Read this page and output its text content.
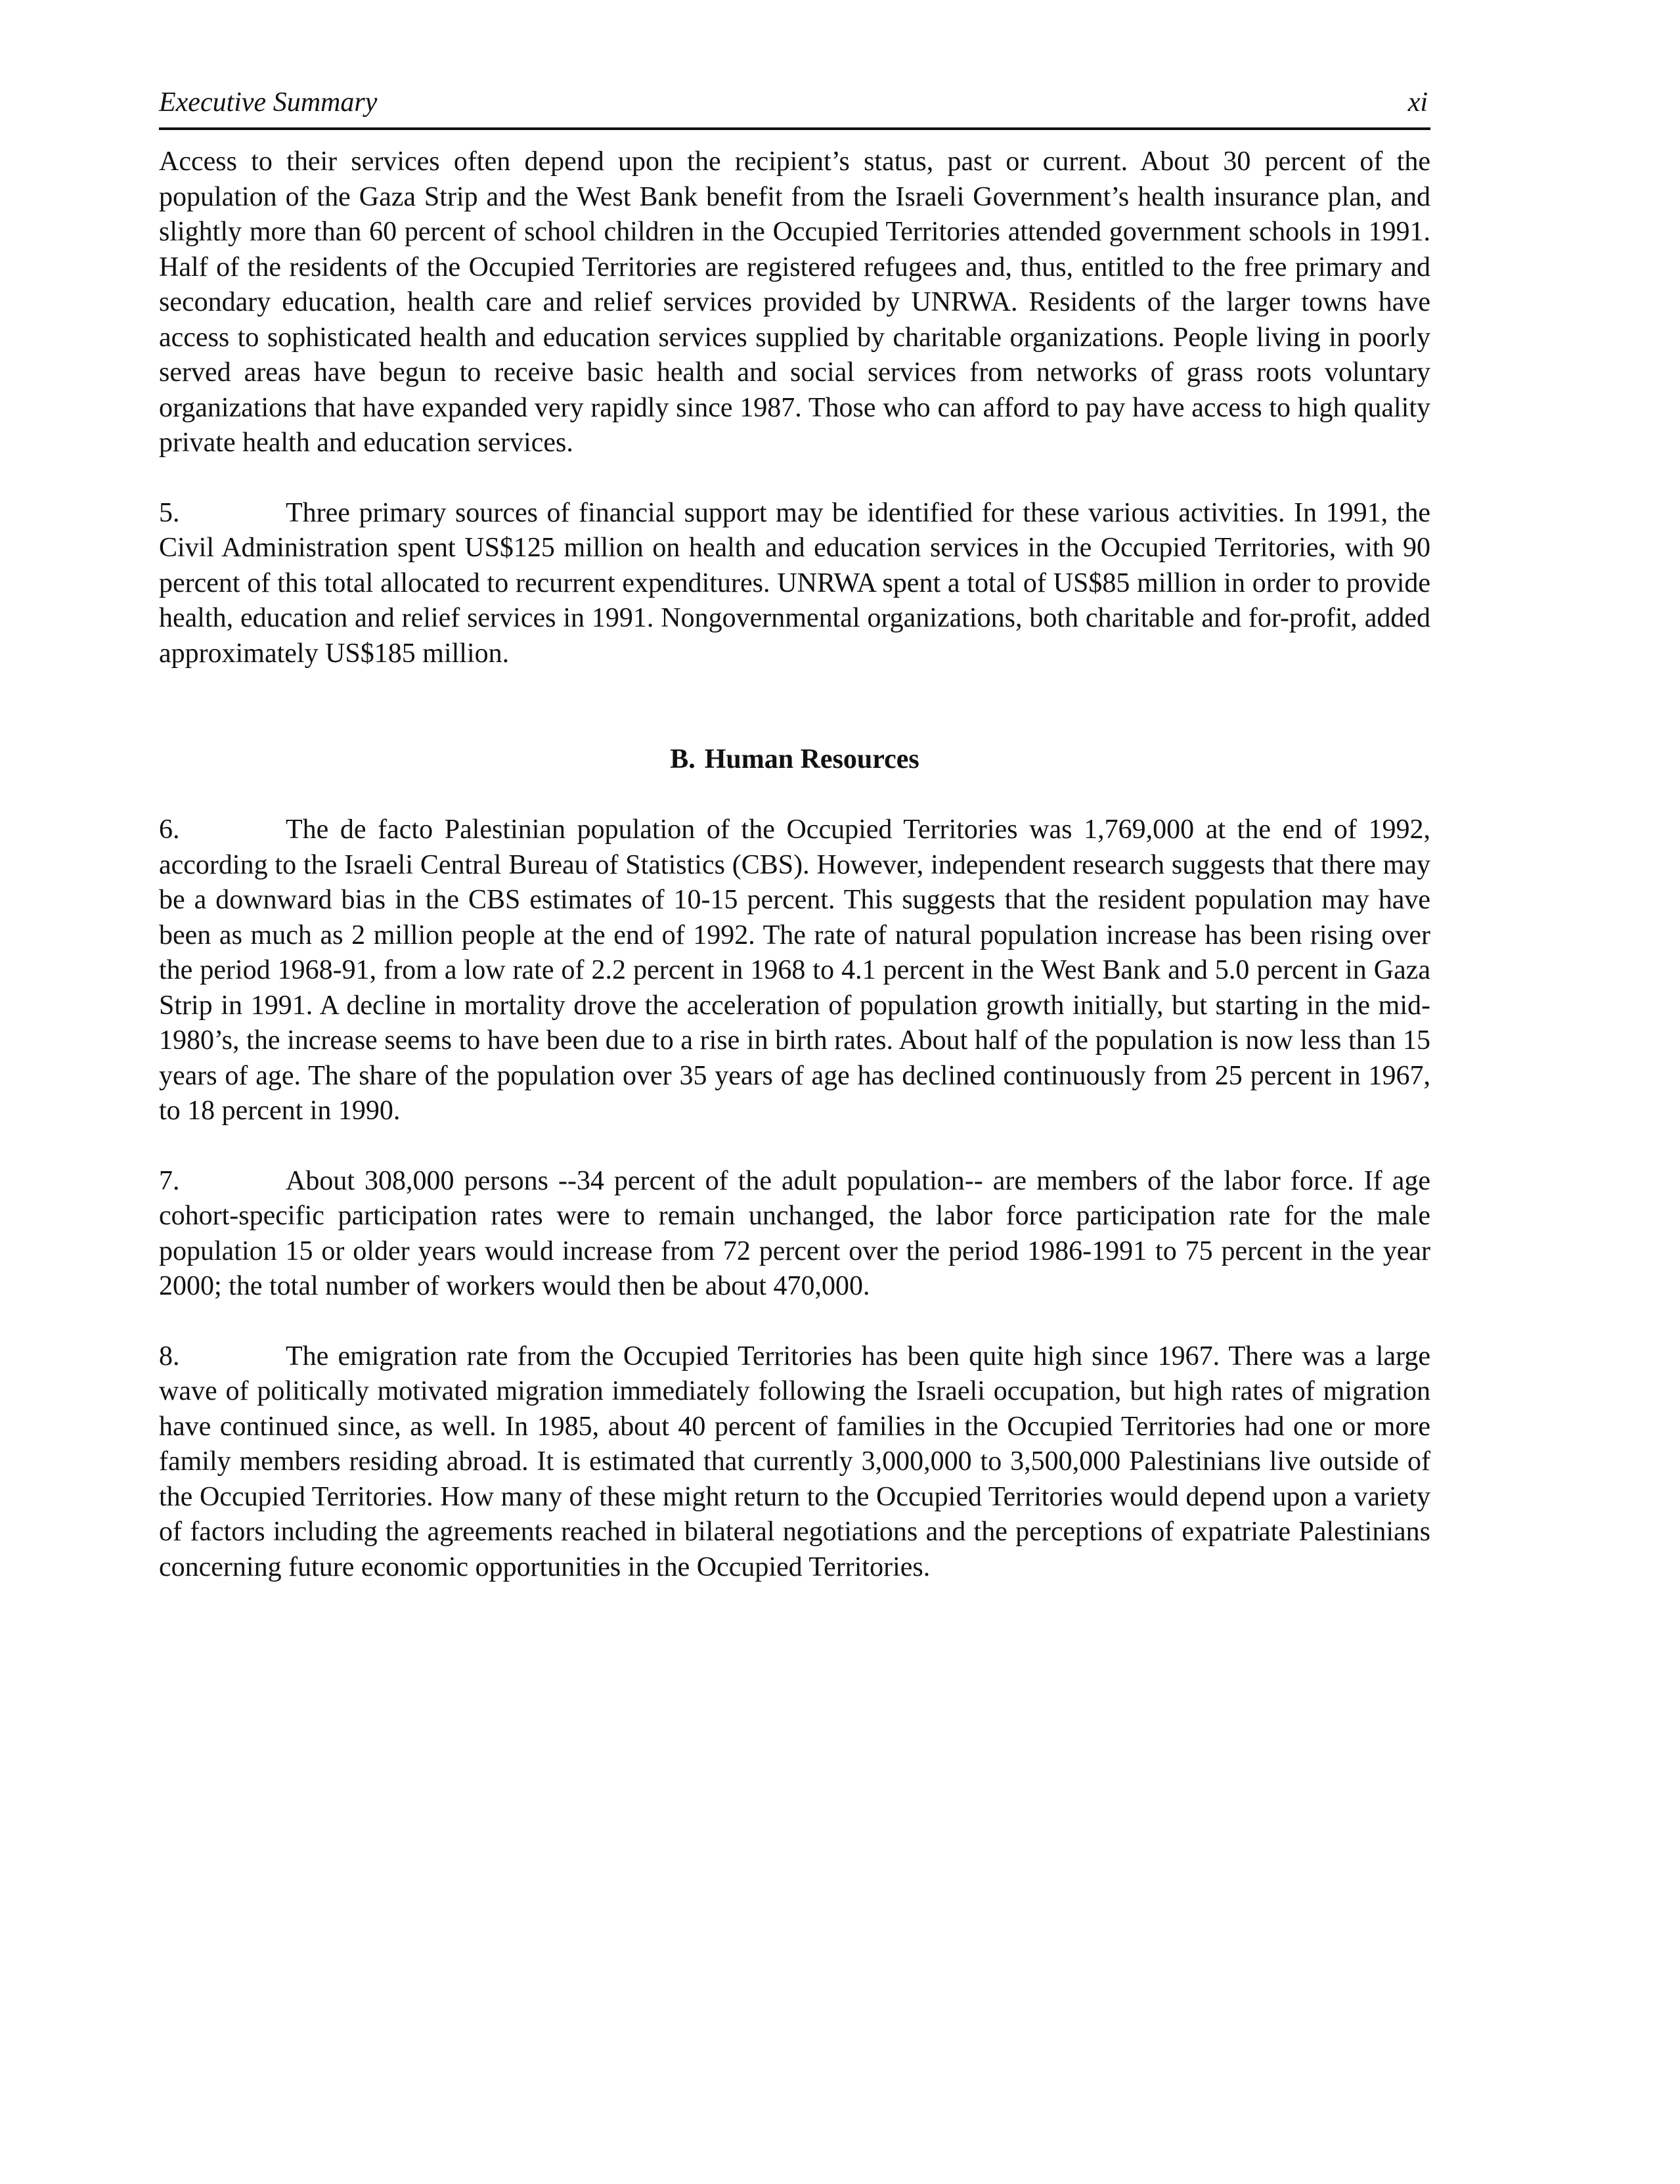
Executive Summary	xi

Access to their services often depend upon the recipient’s status, past or current. About 30 percent of the population of the Gaza Strip and the West Bank benefit from the Israeli Government’s health insurance plan, and slightly more than 60 percent of school children in the Occupied Territories attended government schools in 1991. Half of the residents of the Occupied Territories are registered refugees and, thus, entitled to the free primary and secondary education, health care and relief services provided by UNRWA. Residents of the larger towns have access to sophisticated health and education services supplied by charitable organizations. People living in poorly served areas have begun to receive basic health and social services from networks of grass roots voluntary organizations that have expanded very rapidly since 1987. Those who can afford to pay have access to high quality private health and education services.

5.	Three primary sources of financial support may be identified for these various activities. In 1991, the Civil Administration spent US$125 million on health and education services in the Occupied Territories, with 90 percent of this total allocated to recurrent expenditures. UNRWA spent a total of US$85 million in order to provide health, education and relief services in 1991. Nongovernmental organizations, both charitable and for-profit, added approximately US$185 million.

B. Human Resources

6.	The de facto Palestinian population of the Occupied Territories was 1,769,000 at the end of 1992, according to the Israeli Central Bureau of Statistics (CBS). However, independent research suggests that there may be a downward bias in the CBS estimates of 10-15 percent. This suggests that the resident population may have been as much as 2 million people at the end of 1992. The rate of natural population increase has been rising over the period 1968-91, from a low rate of 2.2 percent in 1968 to 4.1 percent in the West Bank and 5.0 percent in Gaza Strip in 1991. A decline in mortality drove the acceleration of population growth initially, but starting in the mid-1980’s, the increase seems to have been due to a rise in birth rates. About half of the population is now less than 15 years of age. The share of the population over 35 years of age has declined continuously from 25 percent in 1967, to 18 percent in 1990.

7.	About 308,000 persons --34 percent of the adult population-- are members of the labor force. If age cohort-specific participation rates were to remain unchanged, the labor force participation rate for the male population 15 or older years would increase from 72 percent over the period 1986-1991 to 75 percent in the year 2000; the total number of workers would then be about 470,000.

8.	The emigration rate from the Occupied Territories has been quite high since 1967. There was a large wave of politically motivated migration immediately following the Israeli occupation, but high rates of migration have continued since, as well. In 1985, about 40 percent of families in the Occupied Territories had one or more family members residing abroad. It is estimated that currently 3,000,000 to 3,500,000 Palestinians live outside of the Occupied Territories. How many of these might return to the Occupied Territories would depend upon a variety of factors including the agreements reached in bilateral negotiations and the perceptions of expatriate Palestinians concerning future economic opportunities in the Occupied Territories.
